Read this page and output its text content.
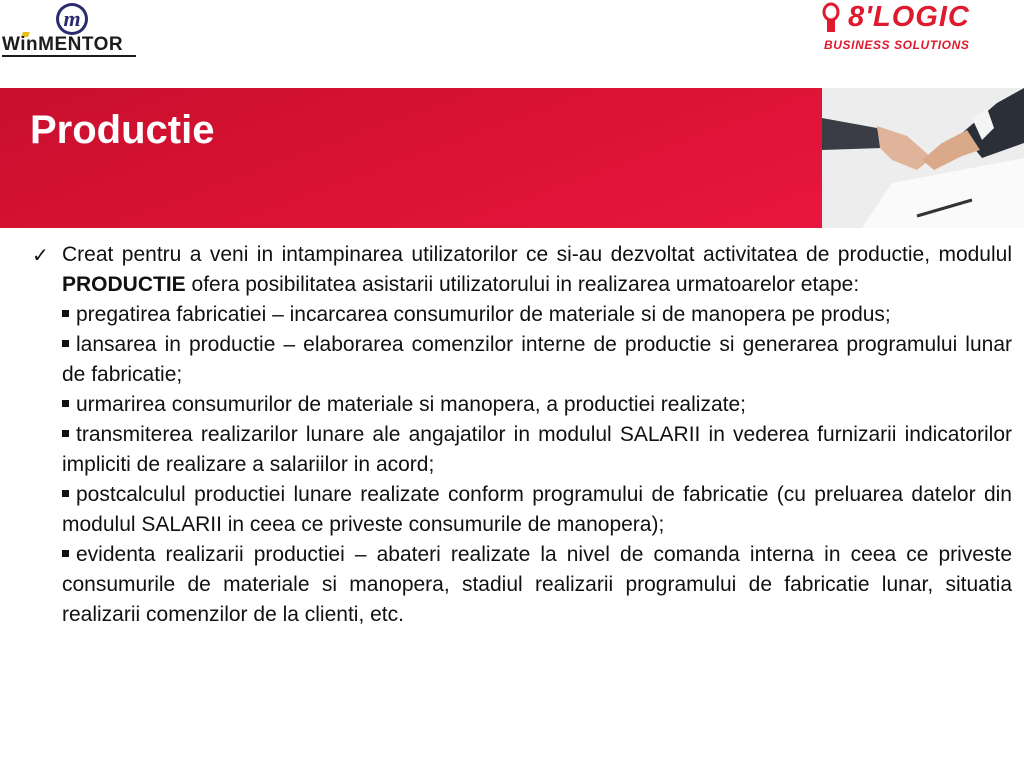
m
WinMENTOR
8'LOGIC
BUSINESS SOLUTIONS
Productie
✓ Creat pentru a veni in intampinarea utilizatorilor ce si-au dezvoltat activitatea de productie, modulul PRODUCTIE ofera posibilitatea asistarii utilizatorului in realizarea urmatoarelor etape:
pregatirea fabricatiei – incarcarea consumurilor de materiale si de manopera pe produs;
lansarea in productie – elaborarea comenzilor interne de productie si generarea programului lunar de fabricatie;
urmarirea consumurilor de materiale si manopera, a productiei realizate;
transmiterea realizarilor lunare ale angajatilor in modulul SALARII in vederea furnizarii indicatorilor impliciti de realizare a salariilor in acord;
postcalculul productiei lunare realizate conform programului de fabricatie (cu preluarea datelor din modulul SALARII in ceea ce priveste consumurile de manopera);
evidenta realizarii productiei – abateri realizate la nivel de comanda interna in ceea ce priveste consumurile de materiale si manopera, stadiul realizarii programului de fabricatie lunar, situatia realizarii comenzilor de la clienti, etc.
